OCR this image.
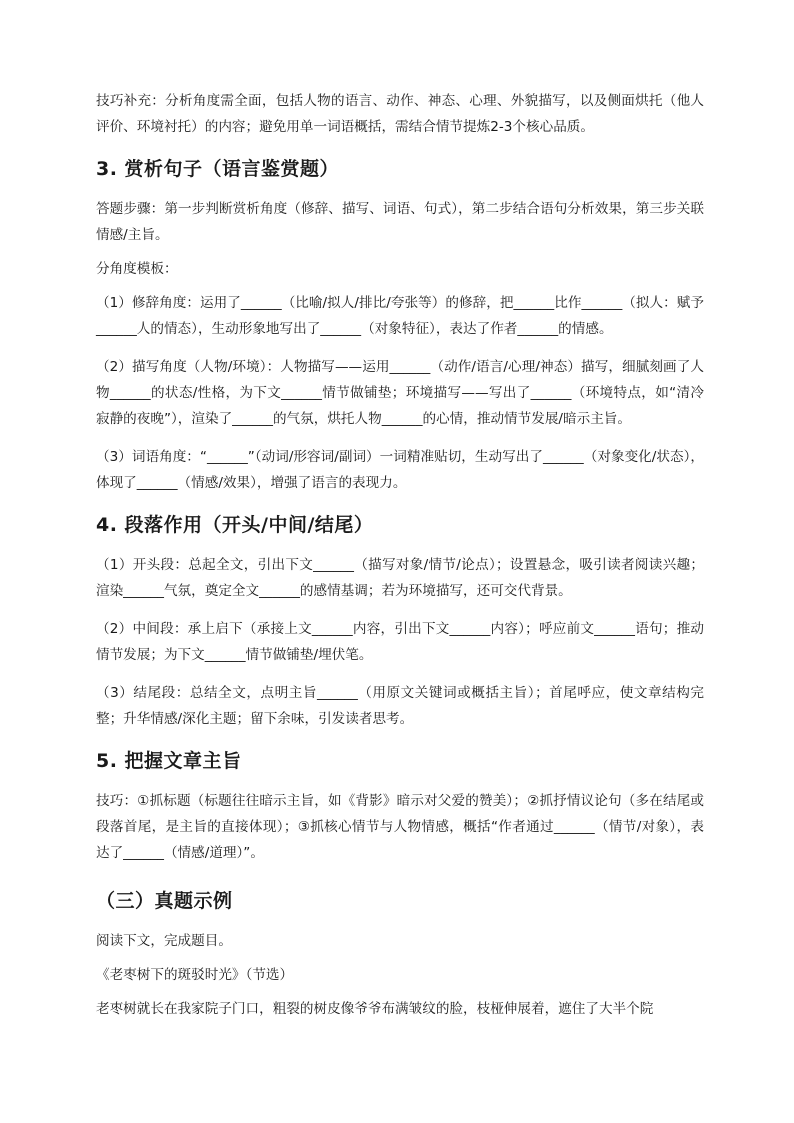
技巧补充：分析角度需全面，包括人物的语言、动作、神态、心理、外貌描写，以及侧面烘托（他人评价、环境衬托）的内容；避免用单一词语概括，需结合情节提炼2-3个核心品质。

3. 赏析句子（语言鉴赏题）

答题步骤：第一步判断赏析角度（修辞、描写、词语、句式），第二步结合语句分析效果，第三步关联情感/主旨。

分角度模板：

（1）修辞角度：运用了______（比喻/拟人/排比/夸张等）的修辞，把______比作______（拟人：赋予______人的情态），生动形象地写出了______（对象特征），表达了作者______的情感。

（2）描写角度（人物/环境）：人物描写——运用______（动作/语言/心理/神态）描写，细腻刻画了人物______的状态/性格，为下文______情节做铺垫；环境描写——写出了______（环境特点，如“清冷寂静的夜晚”），渲染了______的气氛，烘托人物______的心情，推动情节发展/暗示主旨。

（3）词语角度：“______”（动词/形容词/副词）一词精准贴切，生动写出了______（对象变化/状态），体现了______（情感/效果），增强了语言的表现力。

4. 段落作用（开头/中间/结尾）

（1）开头段：总起全文，引出下文______（描写对象/情节/论点）；设置悬念，吸引读者阅读兴趣；渲染______气氛，奠定全文______的感情基调；若为环境描写，还可交代背景。

（2）中间段：承上启下（承接上文______内容，引出下文______内容）；呼应前文______语句；推动情节发展；为下文______情节做铺垫/埋伏笔。

（3）结尾段：总结全文，点明主旨______（用原文关键词或概括主旨）；首尾呼应，使文章结构完整；升华情感/深化主题；留下余味，引发读者思考。

5. 把握文章主旨

技巧：①抓标题（标题往往暗示主旨，如《背影》暗示对父爱的赞美）；②抓抒情议论句（多在结尾或段落首尾，是主旨的直接体现）；③抓核心情节与人物情感，概括“作者通过______（情节/对象），表达了______（情感/道理）”。

（三）真题示例

阅读下文，完成题目。

《老枣树下的斑驳时光》（节选）

老枣树就长在我家院子门口，粗裂的树皮像爷爷布满皱纹的脸，枝桠伸展着，遮住了大半个院
